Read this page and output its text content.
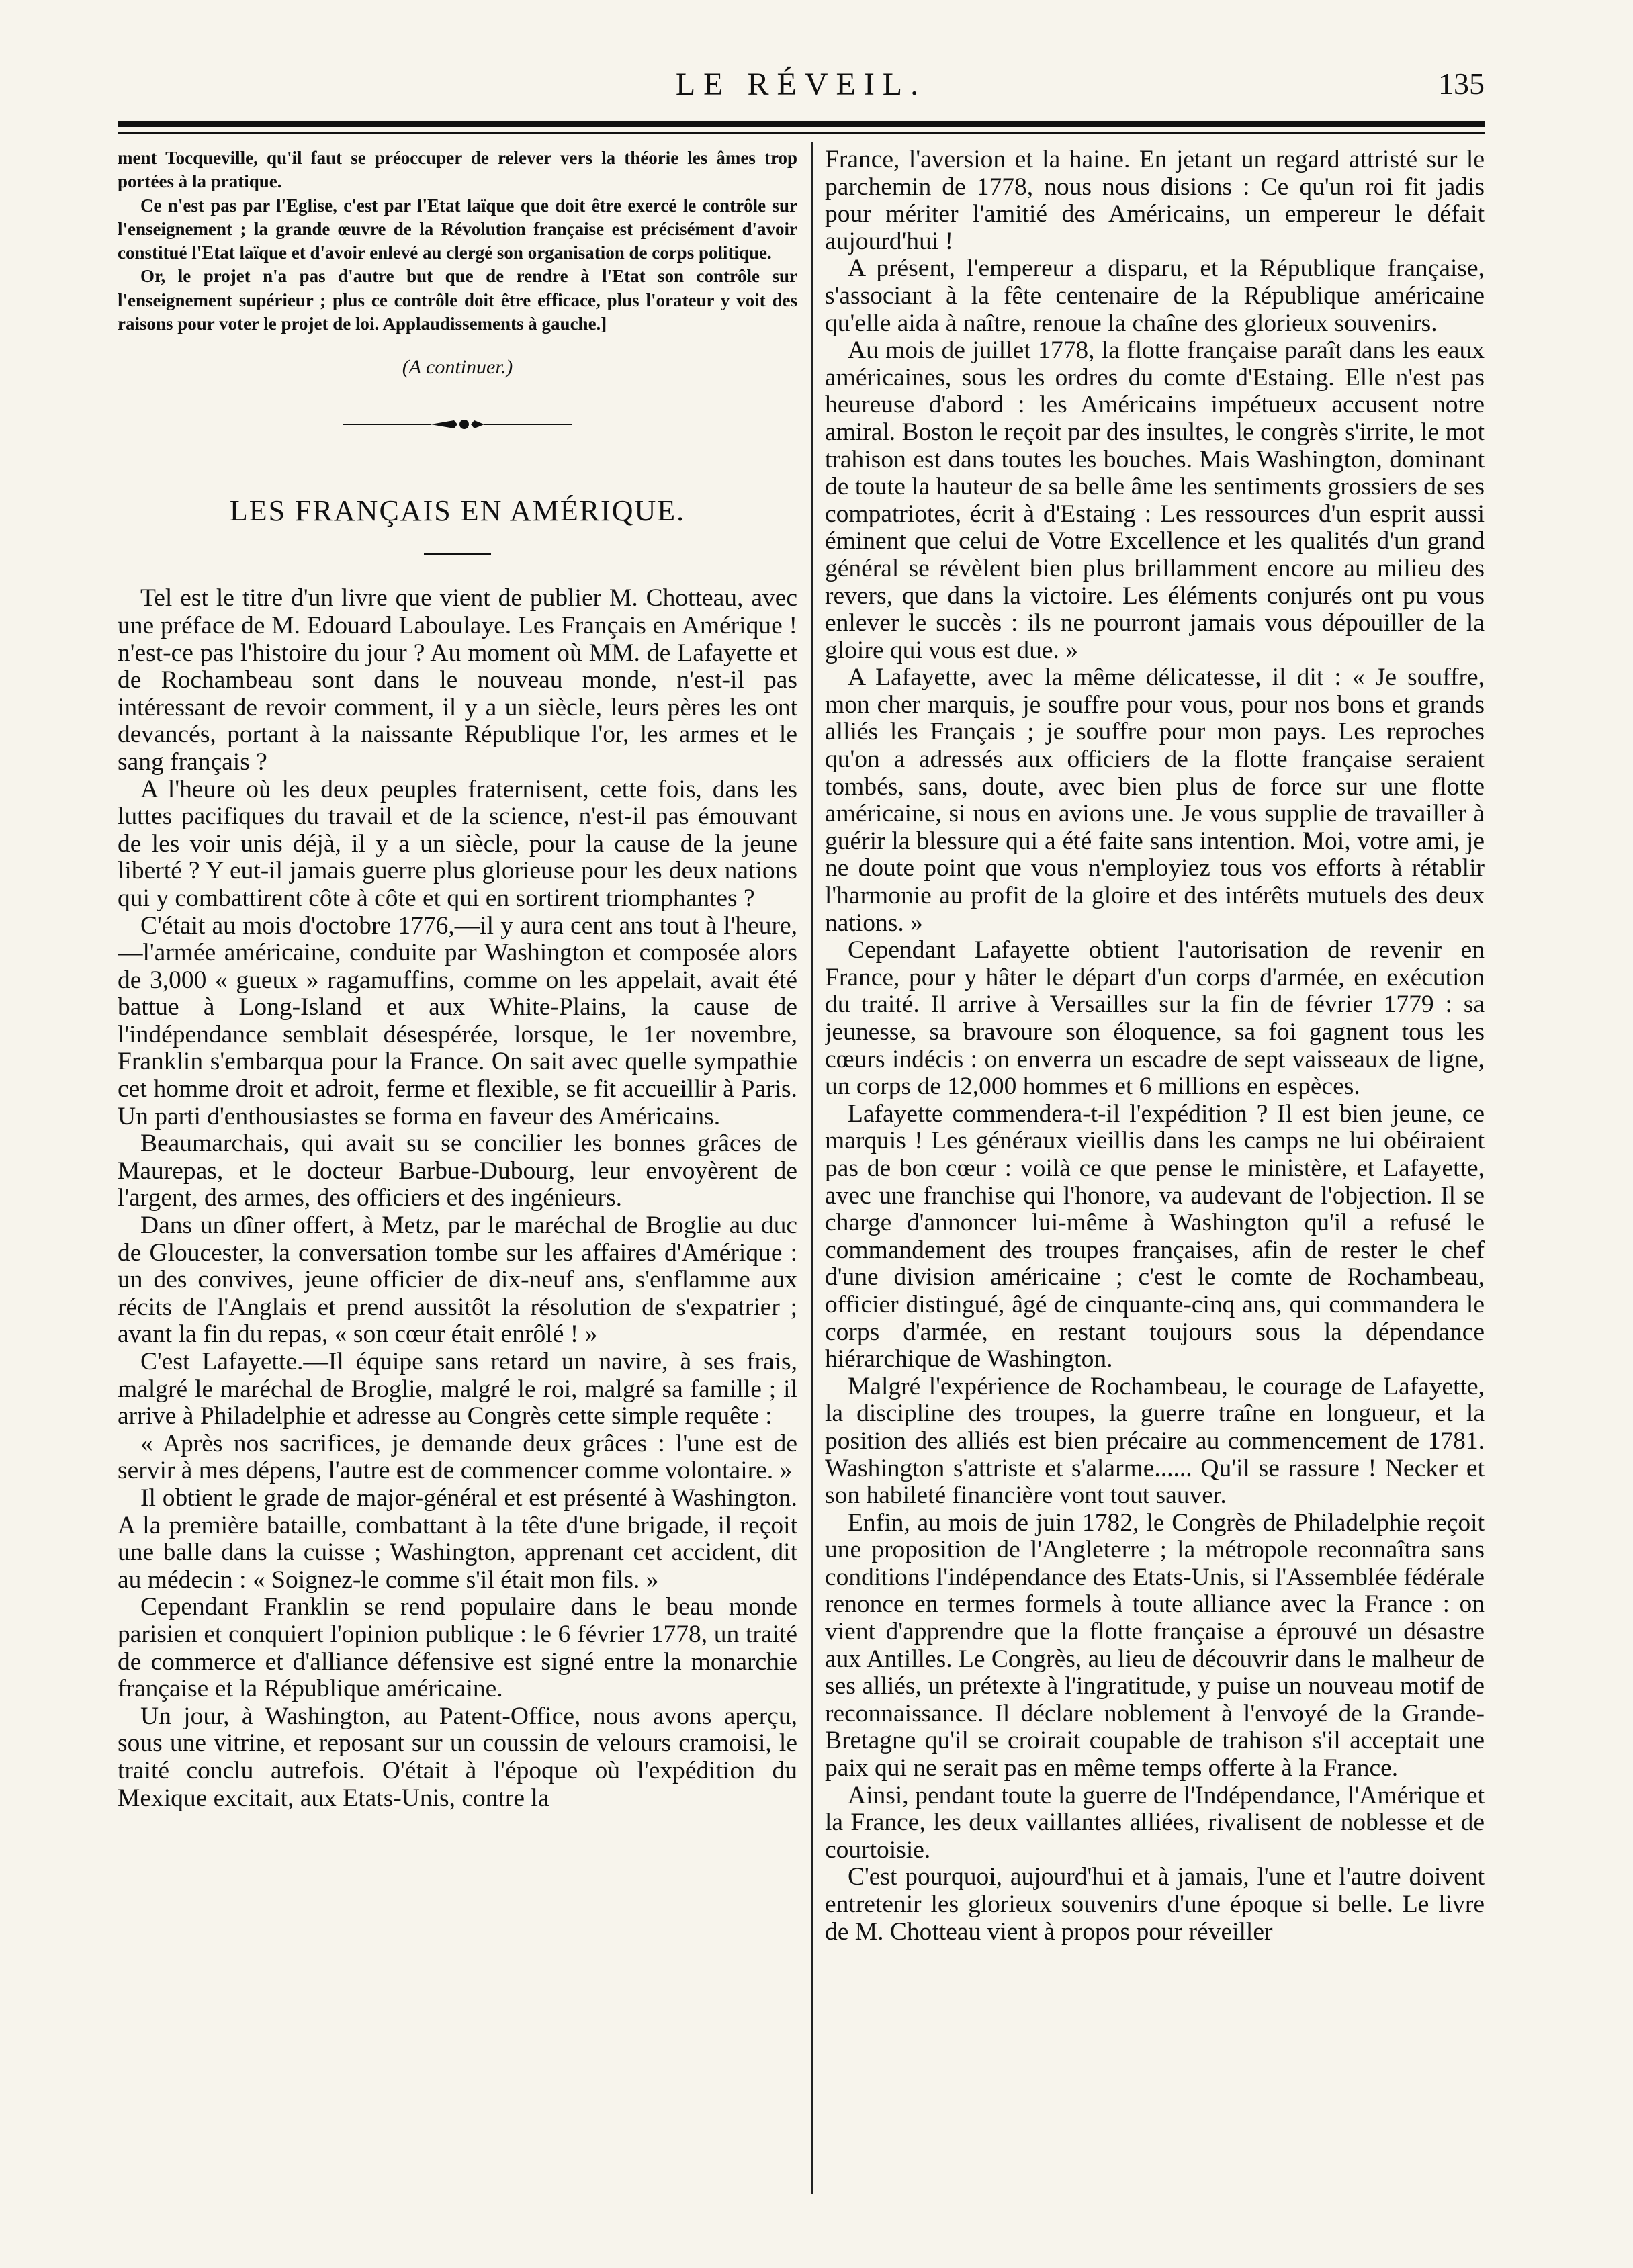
LE RÉVEIL.	135

ment Tocqueville, qu'il faut se préoccuper de relever vers la théorie les âmes trop portées à la pratique.

Ce n'est pas par l'Eglise, c'est par l'Etat laïque que doit être exercé le contrôle sur l'enseignement ; la grande œuvre de la Révolution française est précisément d'avoir constitué l'Etat laïque et d'avoir enlevé au clergé son organisation de corps politique.

Or, le projet n'a pas d'autre but que de rendre à l'Etat son contrôle sur l'enseignement supérieur ; plus ce contrôle doit être efficace, plus l'orateur y voit des raisons pour voter le projet de loi. Applaudissements à gauche.]

(A continuer.)
LES FRANÇAIS EN AMÉRIQUE.

Tel est le titre d'un livre que vient de publier M. Chotteau, avec une préface de M. Edouard Laboulaye. Les Français en Amérique ! n'est-ce pas l'histoire du jour ? Au moment où MM. de Lafayette et de Rochambeau sont dans le nouveau monde, n'est-il pas intéressant de revoir comment, il y a un siècle, leurs pères les ont devancés, portant à la naissante République l'or, les armes et le sang français ?

A l'heure où les deux peuples fraternisent, cette fois, dans les luttes pacifiques du travail et de la science, n'est-il pas émouvant de les voir unis déjà, il y a un siècle, pour la cause de la jeune liberté ? Y eut-il jamais guerre plus glorieuse pour les deux nations qui y combattirent côte à côte et qui en sortirent triomphantes ?

C'était au mois d'octobre 1776,—il y aura cent ans tout à l'heure,—l'armée américaine, conduite par Washington et composée alors de 3,000 « gueux » ragamuffins, comme on les appelait, avait été battue à Long-Island et aux White-Plains, la cause de l'indépendance semblait désespérée, lorsque, le 1er novembre, Franklin s'embarqua pour la France. On sait avec quelle sympathie cet homme droit et adroit, ferme et flexible, se fit accueillir à Paris. Un parti d'enthousiastes se forma en faveur des Américains.

Beaumarchais, qui avait su se concilier les bonnes grâces de Maurepas, et le docteur Barbue-Dubourg, leur envoyèrent de l'argent, des armes, des officiers et des ingénieurs.

Dans un dîner offert, à Metz, par le maréchal de Broglie au duc de Gloucester, la conversation tombe sur les affaires d'Amérique : un des convives, jeune officier de dix-neuf ans, s'enflamme aux récits de l'Anglais et prend aussitôt la résolution de s'expatrier ; avant la fin du repas, « son cœur était enrôlé ! »

C'est Lafayette.—Il équipe sans retard un navire, à ses frais, malgré le maréchal de Broglie, malgré le roi, malgré sa famille ; il arrive à Philadelphie et adresse au Congrès cette simple requête :

« Après nos sacrifices, je demande deux grâces : l'une est de servir à mes dépens, l'autre est de commencer comme volontaire. »

Il obtient le grade de major-général et est présenté à Washington. A la première bataille, combattant à la tête d'une brigade, il reçoit une balle dans la cuisse ; Washington, apprenant cet accident, dit au médecin : « Soignez-le comme s'il était mon fils. »

Cependant Franklin se rend populaire dans le beau monde parisien et conquiert l'opinion publique : le 6 février 1778, un traité de commerce et d'alliance défensive est signé entre la monarchie française et la République américaine.

Un jour, à Washington, au Patent-Office, nous avons aperçu, sous une vitrine, et reposant sur un coussin de velours cramoisi, le traité conclu autrefois. O'était à l'époque où l'expédition du Mexique excitait, aux Etats-Unis, contre la

France, l'aversion et la haine. En jetant un regard attristé sur le parchemin de 1778, nous nous disions : Ce qu'un roi fit jadis pour mériter l'amitié des Américains, un empereur le défait aujourd'hui !

A présent, l'empereur a disparu, et la République française, s'associant à la fête centenaire de la République américaine qu'elle aida à naître, renoue la chaîne des glorieux souvenirs.

Au mois de juillet 1778, la flotte française paraît dans les eaux américaines, sous les ordres du comte d'Estaing. Elle n'est pas heureuse d'abord : les Américains impétueux accusent notre amiral. Boston le reçoit par des insultes, le congrès s'irrite, le mot trahison est dans toutes les bouches. Mais Washington, dominant de toute la hauteur de sa belle âme les sentiments grossiers de ses compatriotes, écrit à d'Estaing : Les ressources d'un esprit aussi éminent que celui de Votre Excellence et les qualités d'un grand général se révèlent bien plus brillamment encore au milieu des revers, que dans la victoire. Les éléments conjurés ont pu vous enlever le succès : ils ne pourront jamais vous dépouiller de la gloire qui vous est due. »

A Lafayette, avec la même délicatesse, il dit : « Je souffre, mon cher marquis, je souffre pour vous, pour nos bons et grands alliés les Français ; je souffre pour mon pays. Les reproches qu'on a adressés aux officiers de la flotte française seraient tombés, sans, doute, avec bien plus de force sur une flotte américaine, si nous en avions une. Je vous supplie de travailler à guérir la blessure qui a été faite sans intention. Moi, votre ami, je ne doute point que vous n'employiez tous vos efforts à rétablir l'harmonie au profit de la gloire et des intérêts mutuels des deux nations. »

Cependant Lafayette obtient l'autorisation de revenir en France, pour y hâter le départ d'un corps d'armée, en exécution du traité. Il arrive à Versailles sur la fin de février 1779 : sa jeunesse, sa bravoure son éloquence, sa foi gagnent tous les cœurs indécis : on enverra un escadre de sept vaisseaux de ligne, un corps de 12,000 hommes et 6 millions en espèces.

Lafayette commendera-t-il l'expédition ? Il est bien jeune, ce marquis ! Les généraux vieillis dans les camps ne lui obéiraient pas de bon cœur : voilà ce que pense le ministère, et Lafayette, avec une franchise qui l'honore, va audevant de l'objection. Il se charge d'annoncer lui-même à Washington qu'il a refusé le commandement des troupes françaises, afin de rester le chef d'une division américaine ; c'est le comte de Rochambeau, officier distingué, âgé de cinquante-cinq ans, qui commandera le corps d'armée, en restant toujours sous la dépendance hiérarchique de Washington.

Malgré l'expérience de Rochambeau, le courage de Lafayette, la discipline des troupes, la guerre traîne en longueur, et la position des alliés est bien précaire au commencement de 1781. Washington s'attriste et s'alarme...... Qu'il se rassure ! Necker et son habileté financière vont tout sauver.

Enfin, au mois de juin 1782, le Congrès de Philadelphie reçoit une proposition de l'Angleterre ; la métropole reconnaîtra sans conditions l'indépendance des Etats-Unis, si l'Assemblée fédérale renonce en termes formels à toute alliance avec la France : on vient d'apprendre que la flotte française a éprouvé un désastre aux Antilles. Le Congrès, au lieu de découvrir dans le malheur de ses alliés, un prétexte à l'ingratitude, y puise un nouveau motif de reconnaissance. Il déclare noblement à l'envoyé de la Grande-Bretagne qu'il se croirait coupable de trahison s'il acceptait une paix qui ne serait pas en même temps offerte à la France.

Ainsi, pendant toute la guerre de l'Indépendance, l'Amérique et la France, les deux vaillantes alliées, rivalisent de noblesse et de courtoisie.

C'est pourquoi, aujourd'hui et à jamais, l'une et l'autre doivent entretenir les glorieux souvenirs d'une époque si belle. Le livre de M. Chotteau vient à propos pour réveiller
